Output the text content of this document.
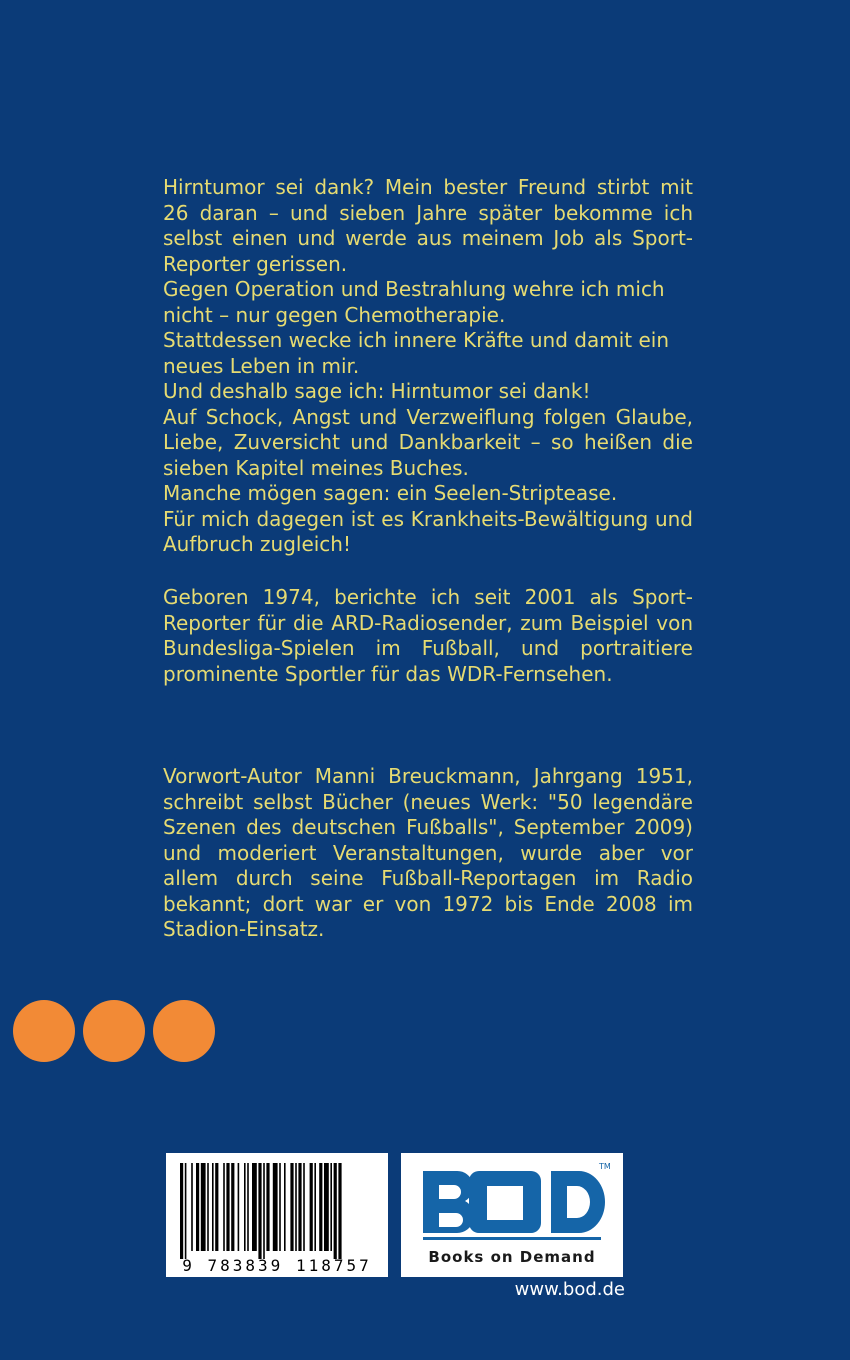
Hirntumor sei dank? Mein bester Freund stirbt mit 26 daran – und sieben Jahre später bekomme ich selbst einen und werde aus meinem Job als Sport-Reporter gerissen.

Gegen Operation und Bestrahlung wehre ich mich nicht – nur gegen Chemotherapie.

Stattdessen wecke ich innere Kräfte und damit ein neues Leben in mir.

Und deshalb sage ich: Hirntumor sei dank!

Auf Schock, Angst und Verzweiflung folgen Glaube, Liebe, Zuversicht und Dankbarkeit – so heißen die sieben Kapitel meines Buches.

Manche mögen sagen: ein Seelen-Striptease.

Für mich dagegen ist es Krankheits-Bewältigung und Aufbruch zugleich!

Geboren 1974, berichte ich seit 2001 als Sport-Reporter für die ARD-Radiosender, zum Beispiel von Bundesliga-Spielen im Fußball, und portraitiere prominente Sportler für das WDR-Fernsehen.
Vorwort-Autor Manni Breuckmann, Jahrgang 1951, schreibt selbst Bücher (neues Werk: "50 legendäre Szenen des deutschen Fußballs", September 2009) und moderiert Veranstaltungen, wurde aber vor allem durch seine Fußball-Reportagen im Radio bekannt; dort war er von 1972 bis Ende 2008 im Stadion-Einsatz.
9 783839 118757
TM
Books on Demand
www.bod.de
